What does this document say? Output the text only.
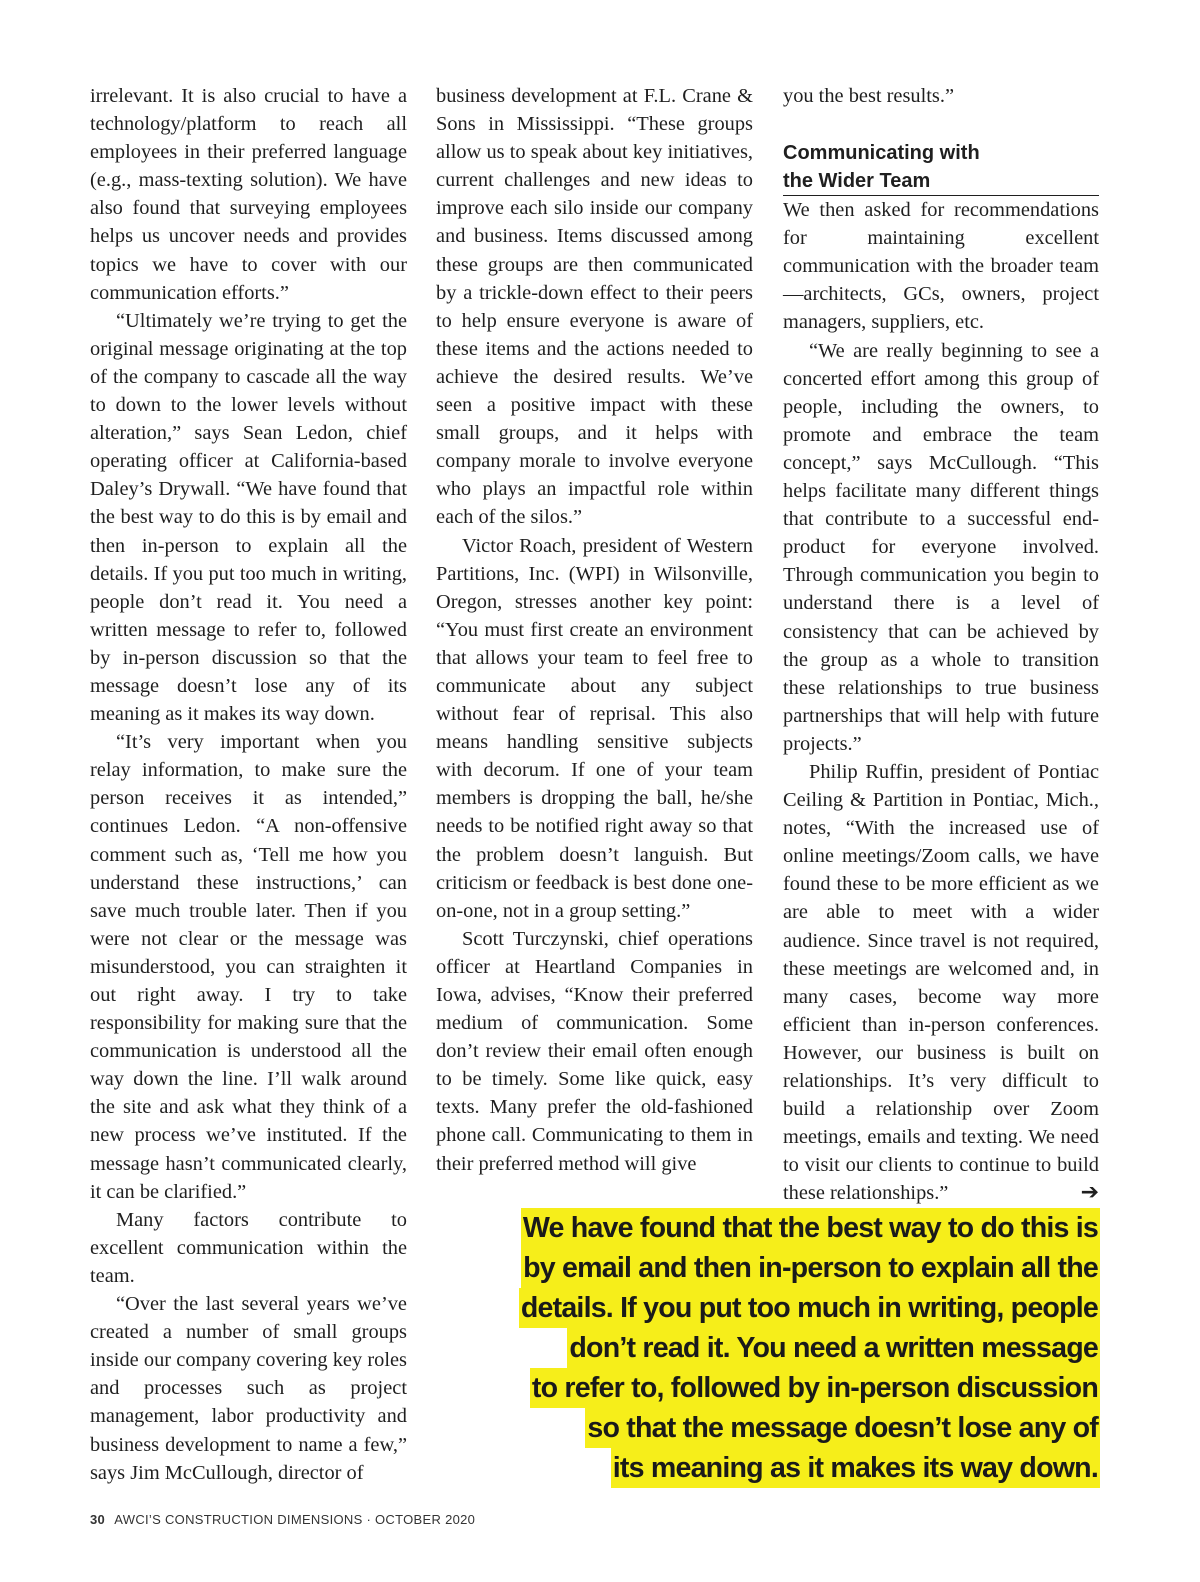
irrelevant. It is also crucial to have a technology/platform to reach all employees in their preferred language (e.g., mass-texting solution). We have also found that surveying employees helps us uncover needs and provides topics we have to cover with our communication efforts.”

“Ultimately we’re trying to get the original message originating at the top of the company to cascade all the way to down to the lower levels without alteration,” says Sean Ledon, chief operating officer at California-based Daley’s Drywall. “We have found that the best way to do this is by email and then in-person to explain all the details. If you put too much in writing, people don’t read it. You need a written message to refer to, followed by in-person discussion so that the message doesn’t lose any of its meaning as it makes its way down.

“It’s very important when you relay information, to make sure the person receives it as intended,” continues Ledon. “A non-offensive comment such as, ‘Tell me how you understand these instructions,’ can save much trouble later. Then if you were not clear or the message was misunderstood, you can straighten it out right away. I try to take responsibility for making sure that the communication is understood all the way down the line. I’ll walk around the site and ask what they think of a new process we’ve instituted. If the message hasn’t communicated clearly, it can be clarified.”

Many factors contribute to excellent communication within the team.

“Over the last several years we’ve created a number of small groups inside our company covering key roles and processes such as project management, labor productivity and business development to name a few,” says Jim McCullough, director of

business development at F.L. Crane & Sons in Mississippi. “These groups allow us to speak about key initiatives, current challenges and new ideas to improve each silo inside our company and business. Items discussed among these groups are then communicated by a trickle-down effect to their peers to help ensure everyone is aware of these items and the actions needed to achieve the desired results. We’ve seen a positive impact with these small groups, and it helps with company morale to involve everyone who plays an impactful role within each of the silos.”

Victor Roach, president of Western Partitions, Inc. (WPI) in Wilsonville, Oregon, stresses another key point: “You must first create an environment that allows your team to feel free to communicate about any subject without fear of reprisal. This also means handling sensitive subjects with decorum. If one of your team members is dropping the ball, he/she needs to be notified right away so that the problem doesn’t languish. But criticism or feedback is best done one-on-one, not in a group setting.”

Scott Turczynski, chief operations officer at Heartland Companies in Iowa, advises, “Know their preferred medium of communication. Some don’t review their email often enough to be timely. Some like quick, easy texts. Many prefer the old-fashioned phone call. Communicating to them in their preferred method will give

you the best results.”

Communicating with
the Wider Team

We then asked for recommendations for maintaining excellent communication with the broader team—architects, GCs, owners, project managers, suppliers, etc.

“We are really beginning to see a concerted effort among this group of people, including the owners, to promote and embrace the team concept,” says McCullough. “This helps facilitate many different things that contribute to a successful end-product for everyone involved. Through communication you begin to understand there is a level of consistency that can be achieved by the group as a whole to transition these relationships to true business partnerships that will help with future projects.”

Philip Ruffin, president of Pontiac Ceiling & Partition in Pontiac, Mich., notes, “With the increased use of online meetings/Zoom calls, we have found these to be more efficient as we are able to meet with a wider audience. Since travel is not required, these meetings are welcomed and, in many cases, become way more efficient than in-person conferences. However, our business is built on relationships. It’s very difficult to build a relationship over Zoom meetings, emails and texting. We need to visit our clients to continue to build these relationships.”	➔

We have found that the best way to do this is
by email and then in-person to explain all the
details. If you put too much in writing, people
don’t read it. You need a written message
to refer to, followed by in-person discussion
so that the message doesn’t lose any of
its meaning as it makes its way down.
30 AWCI’S CONSTRUCTION DIMENSIONS · OCTOBER 2020
